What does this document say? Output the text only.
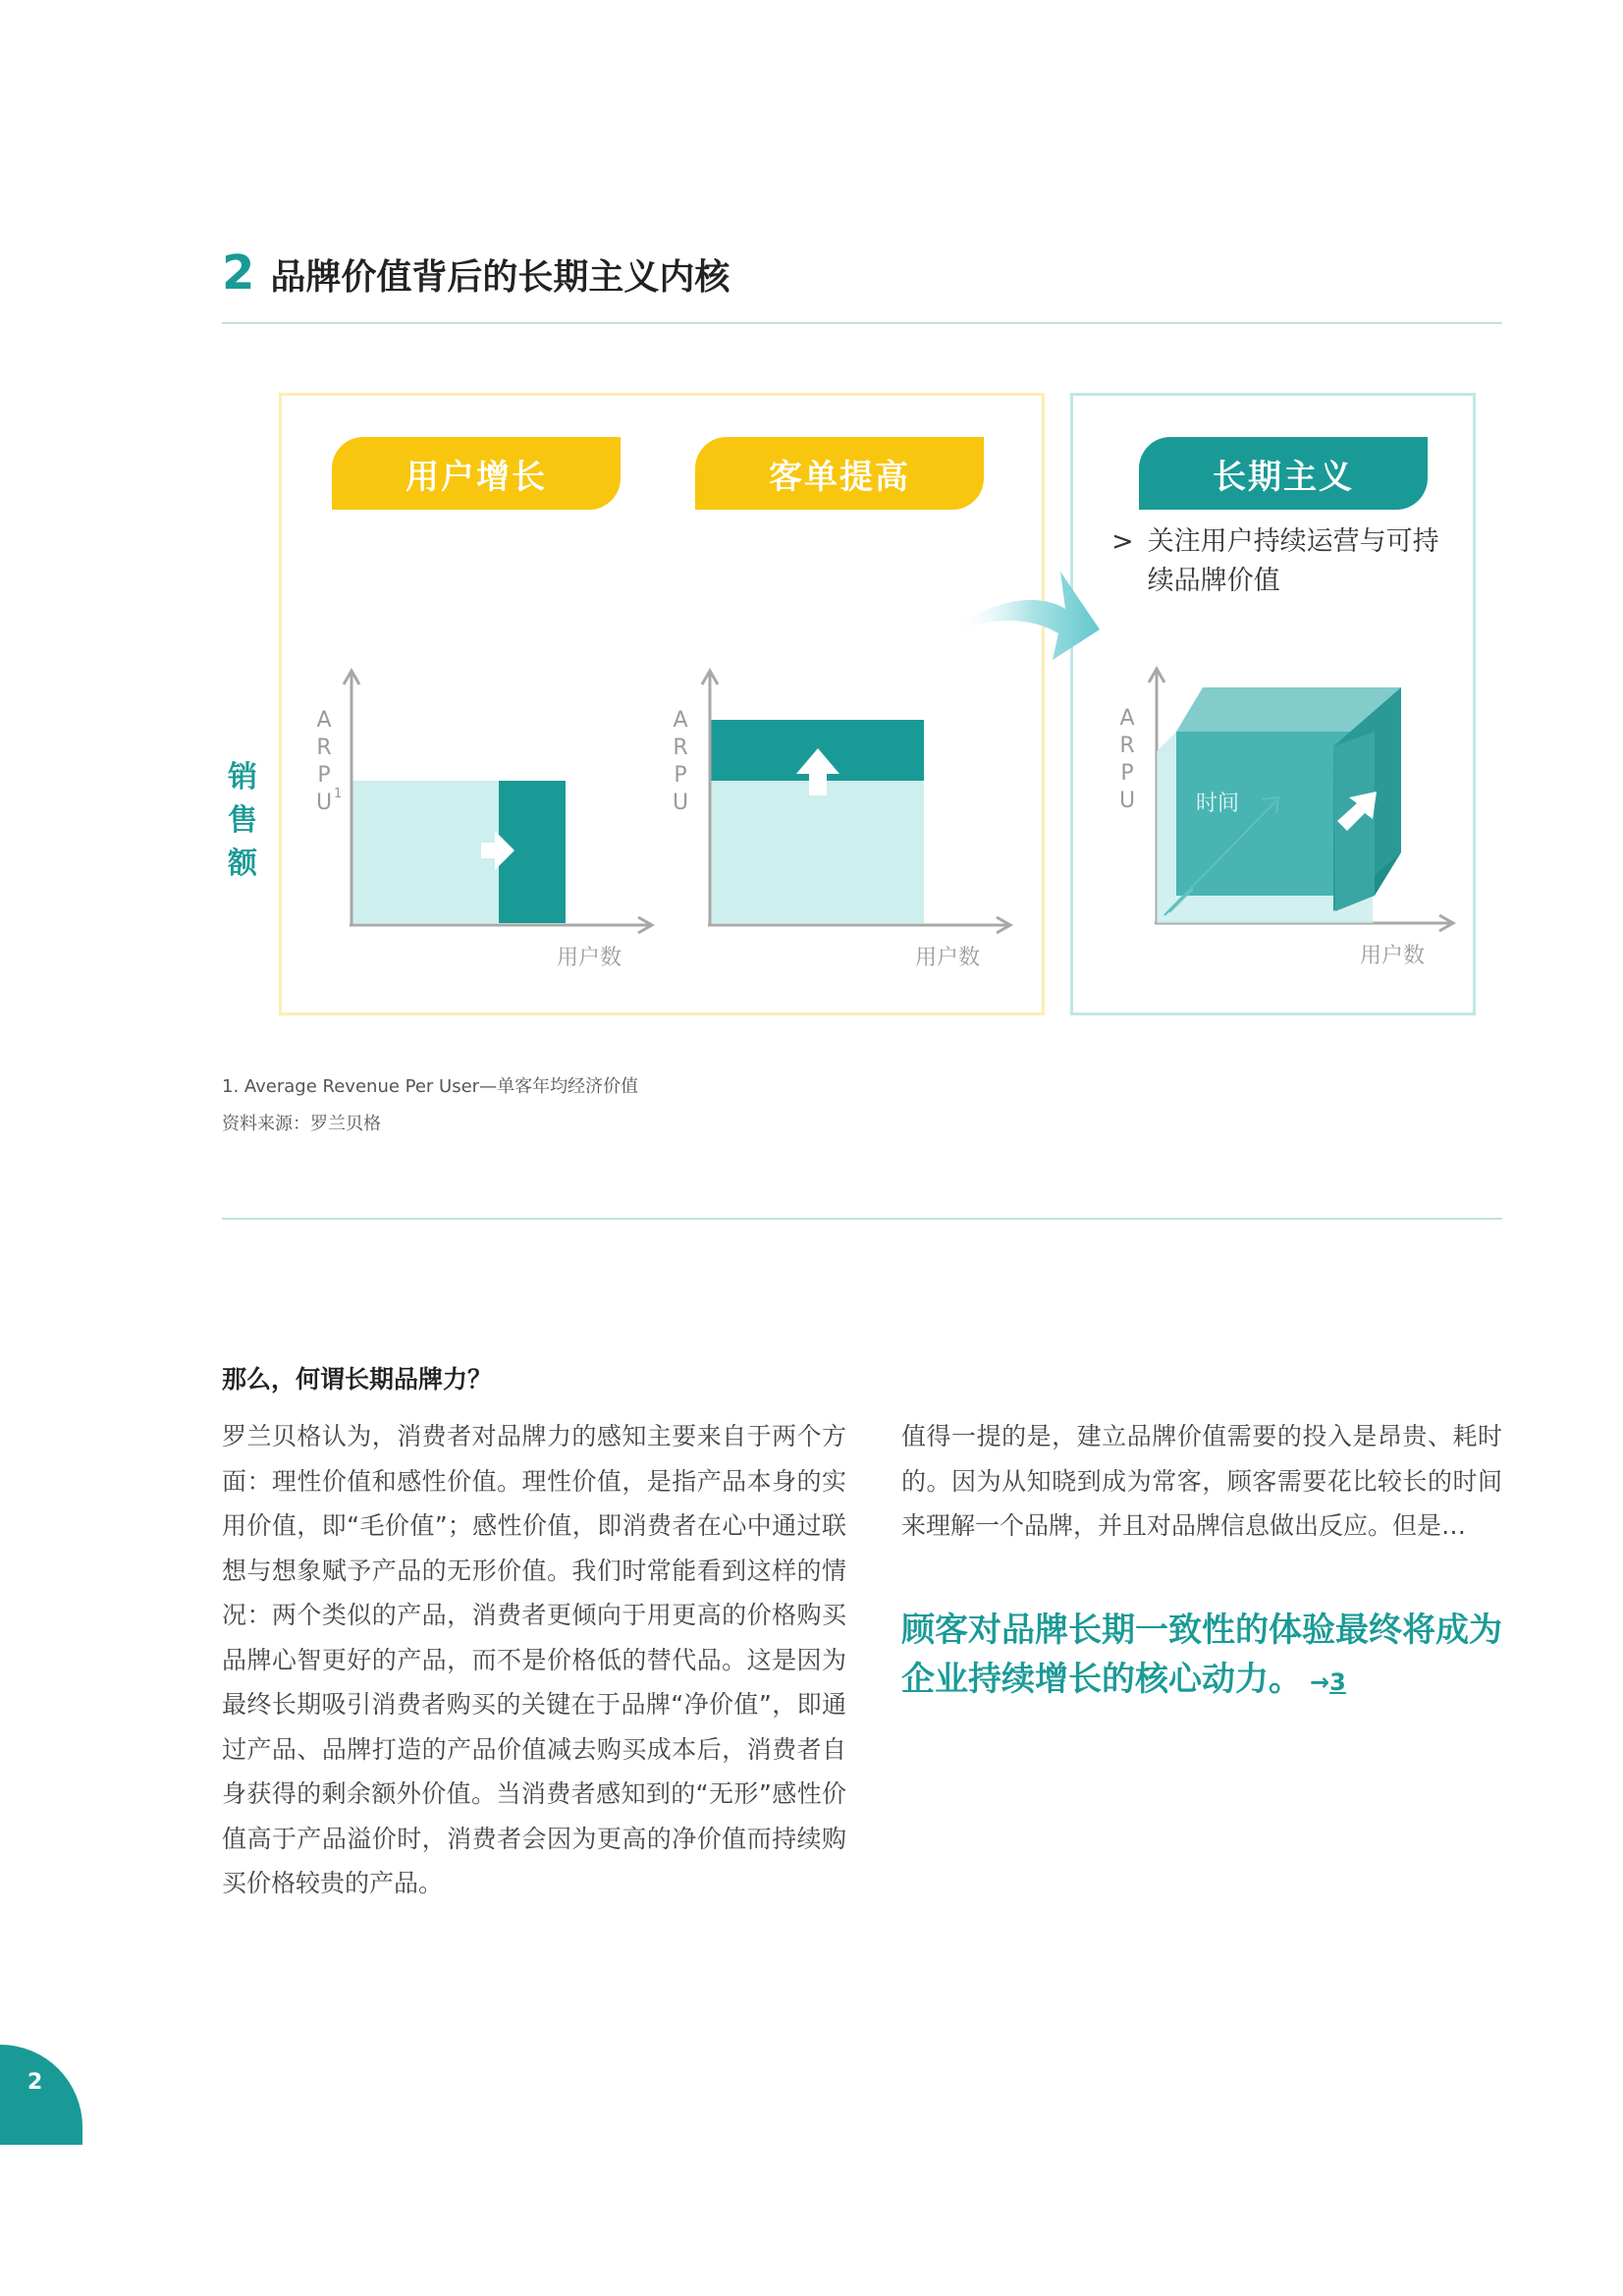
2 品牌价值背后的长期主义内核
用户增长	客单提高	长期主义
销
售
额
> 关注用户持续运营与可持续品牌价值
A
R
P
U 1
用户数
A
R
P
U
用户数
A
R
P
U	时间
用户数
1. Average Revenue Per User—单客年均经济价值
资料来源：罗兰贝格
那么，何谓长期品牌力？
罗兰贝格认为，消费者对品牌力的感知主要来自于两个方面：理性价值和感性价值。理性价值，是指产品本身的实用价值，即“毛价值”；感性价值，即消费者在心中通过联想与想象赋予产品的无形价值。我们时常能看到这样的情况：两个类似的产品，消费者更倾向于用更高的价格购买品牌心智更好的产品，而不是价格低的替代品。这是因为最终长期吸引消费者购买的关键在于品牌“净价值”，即通过产品、品牌打造的产品价值减去购买成本后，消费者自身获得的剩余额外价值。当消费者感知到的“无形”感性价值高于产品溢价时，消费者会因为更高的净价值而持续购买价格较贵的产品。
值得一提的是，建立品牌价值需要的投入是昂贵、耗时的。因为从知晓到成为常客，顾客需要花比较长的时间来理解一个品牌，并且对品牌信息做出反应。但是…
顾客对品牌长期一致性的体验最终将成为企业持续增长的核心动力。 →3
2
